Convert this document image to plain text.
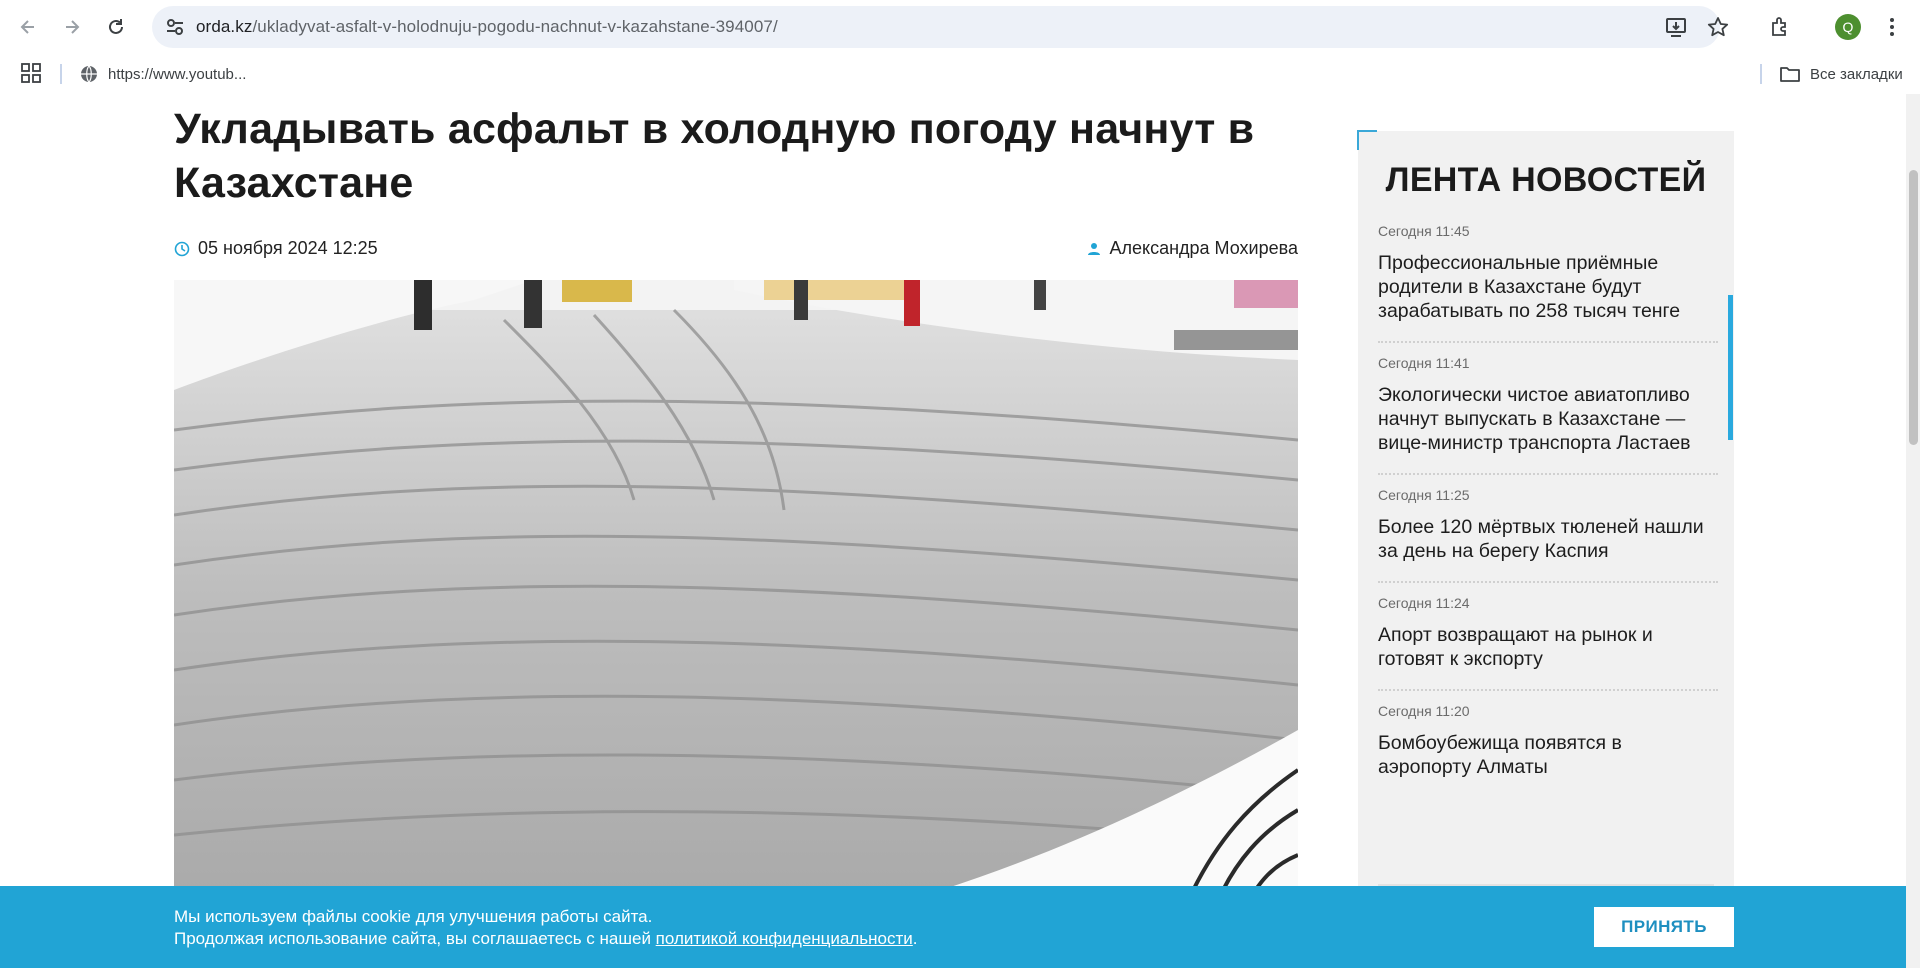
orda.kz/ukladyvat-asfalt-v-holodnuju-pogodu-nachnut-v-kazahstane-394007/	Q
https://www.youtub...	Все закладки
Укладывать асфальт в холодную погоду начнут в Казахстане
05 ноября 2024 12:25	Александра Мохирева
ЛЕНТА НОВОСТЕЙ
Сегодня 11:45
Профессиональные приёмные родители в Казахстане будут зарабатывать по 258 тысяч тенге
Сегодня 11:41
Экологически чистое авиатопливо начнут выпускать в Казахстане — вице-министр транспорта Ластаев
Сегодня 11:25
Более 120 мёртвых тюленей нашли за день на берегу Каспия
Сегодня 11:24
Апорт возвращают на рынок и готовят к экспорту
Сегодня 11:20
Бомбоубежища появятся в аэропорту Алматы
Мы используем файлы cookie для улучшения работы сайта.
Продолжая использование сайта, вы соглашаетесь с нашей политикой конфиденциальности.
ПРИНЯТЬ
